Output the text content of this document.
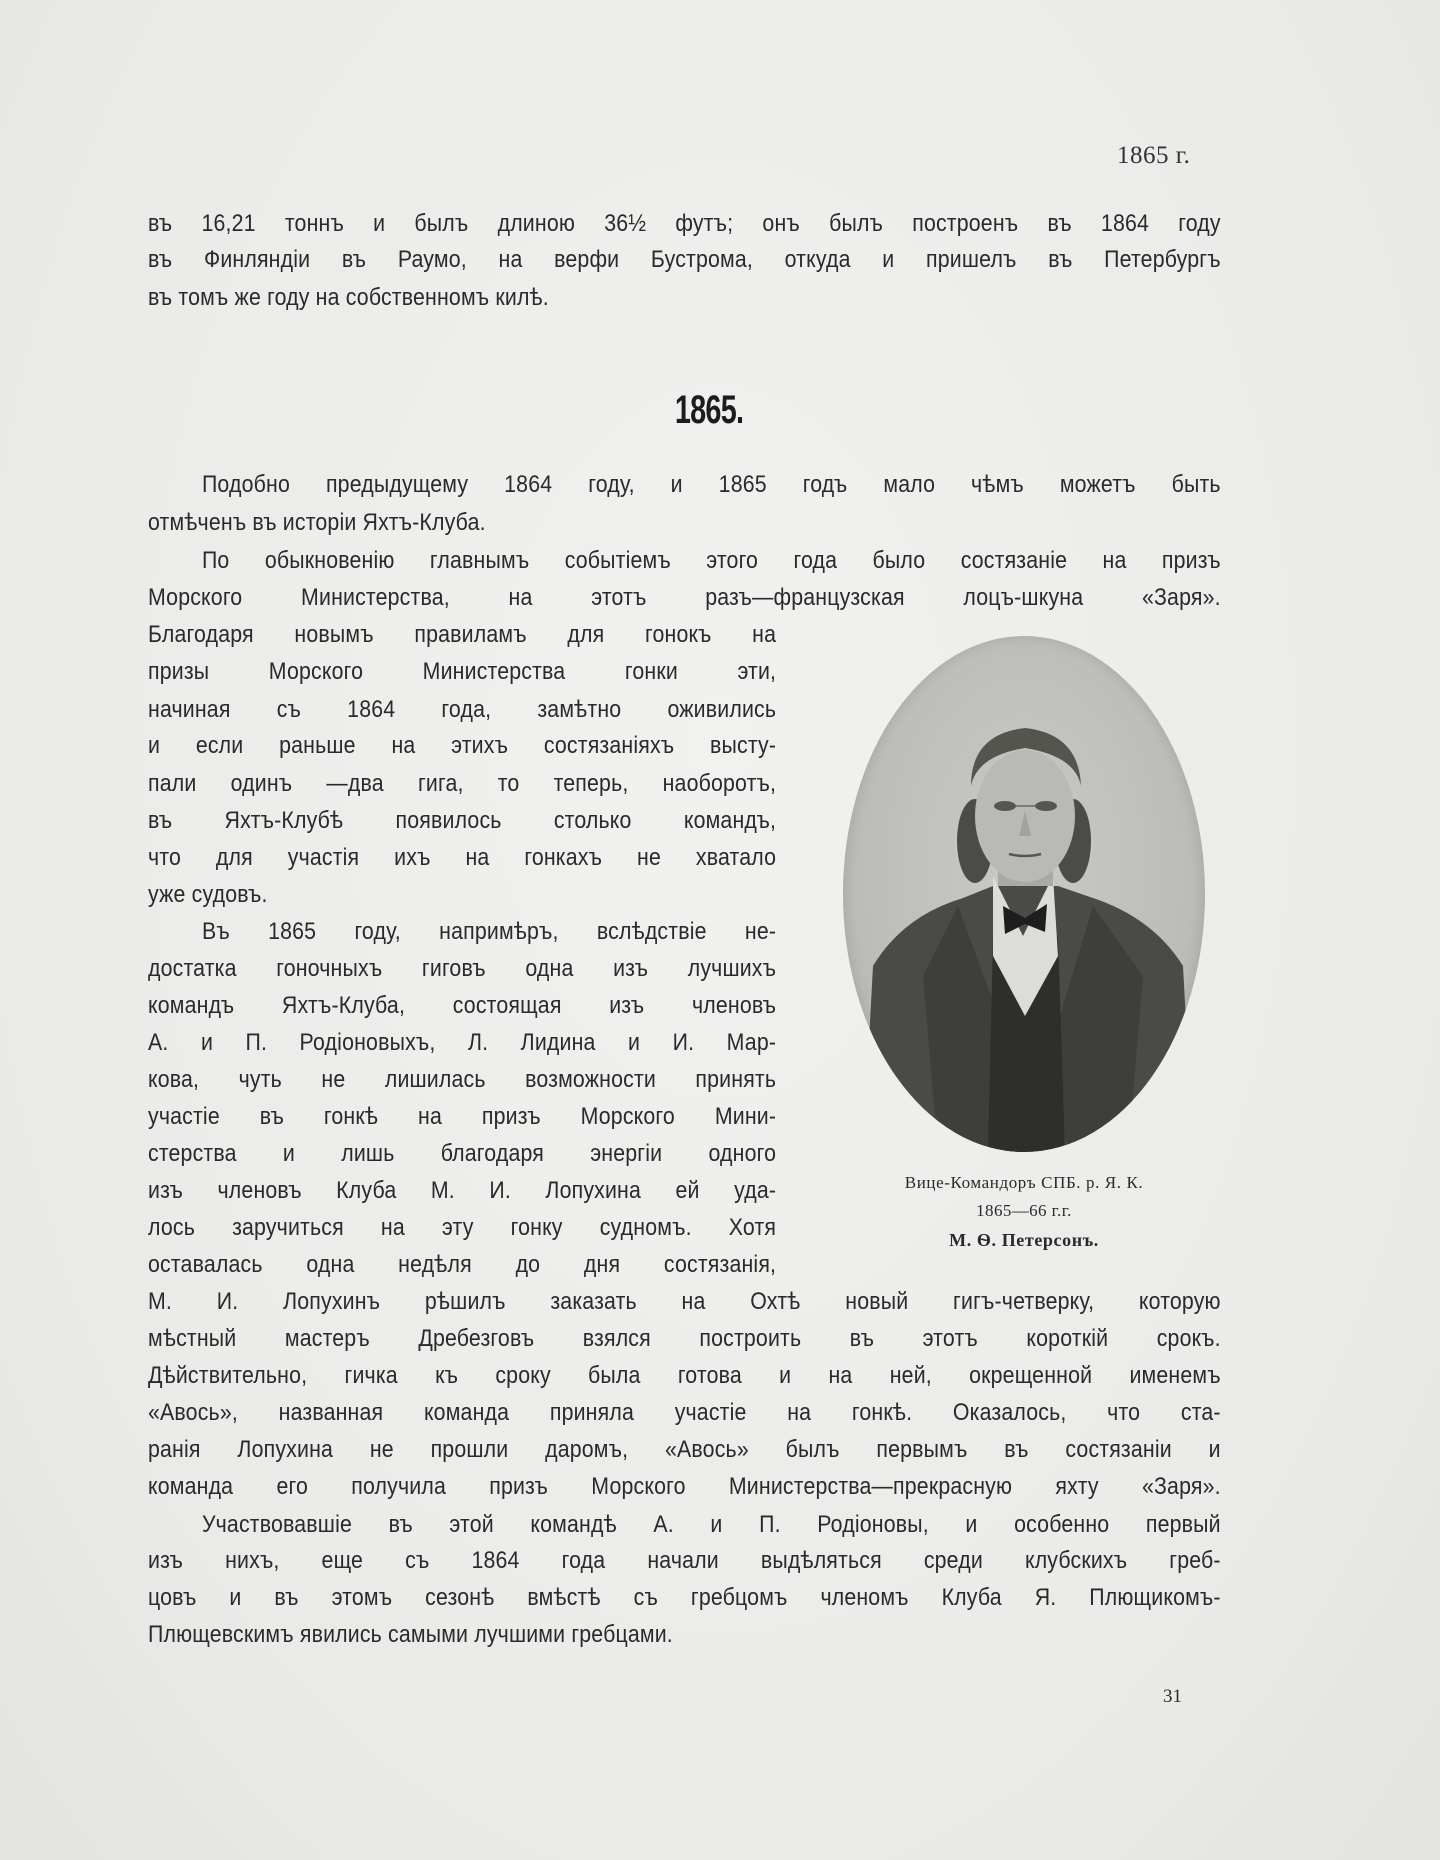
1865 г.
въ 16,21 тоннъ и былъ длиною 36½ футъ; онъ былъ построенъ въ 1864 году
въ Финляндіи въ Раумо, на верфи Бустрома, откуда и пришелъ въ Петербургъ
въ томъ же году на собственномъ килѣ.
1865.
Подобно предыдущему 1864 году, и 1865 годъ мало чѣмъ можетъ быть
отмѣченъ въ исторіи Яхтъ-Клуба.
По обыкновенію главнымъ событіемъ этого года было состязаніе на призъ
Морского Министерства, на этотъ разъ—французская лоцъ-шкуна «Заря».
Благодаря новымъ правиламъ для гонокъ на
призы Морского Министерства гонки эти,
начиная съ 1864 года, замѣтно оживились
и если раньше на этихъ состязаніяхъ высту-
пали одинъ —два гига, то теперь, наоборотъ,
въ Яхтъ-Клубѣ появилось столько командъ,
что для участія ихъ на гонкахъ не хватало
уже судовъ.
Въ 1865 году, напримѣръ, вслѣдствіе не-
достатка гоночныхъ гиговъ одна изъ лучшихъ
командъ Яхтъ-Клуба, состоящая изъ членовъ
А. и П. Родіоновыхъ, Л. Лидина и И. Мар-
кова, чуть не лишилась возможности принять
участіе въ гонкѣ на призъ Морского Мини-
стерства и лишь благодаря энергіи одного
изъ членовъ Клуба М. И. Лопухина ей уда-
лось заручиться на эту гонку судномъ. Хотя
оставалась одна недѣля до дня состязанія,
М. И. Лопухинъ рѣшилъ заказать на Охтѣ новый гигъ-четверку, которую
мѣстный мастеръ Дребезговъ взялся построить въ этотъ короткій срокъ.
Дѣйствительно, гичка къ сроку была готова и на ней, окрещенной именемъ
«Авось», названная команда приняла участіе на гонкѣ. Оказалось, что ста-
ранія Лопухина не прошли даромъ, «Авось» былъ первымъ въ состязаніи и
команда его получила призъ Морского Министерства—прекрасную яхту «Заря».
Участвовавшіе въ этой командѣ А. и П. Родіоновы, и особенно первый
изъ нихъ, еще съ 1864 года начали выдѣляться среди клубскихъ греб-
цовъ и въ этомъ сезонѣ вмѣстѣ съ гребцомъ членомъ Клуба Я. Плющикомъ-
Плющевскимъ явились самыми лучшими гребцами.
Вице-Командоръ СПБ. р. Я. К.
1865—66 г.г.
М. Ѳ. Петерсонъ.
31
